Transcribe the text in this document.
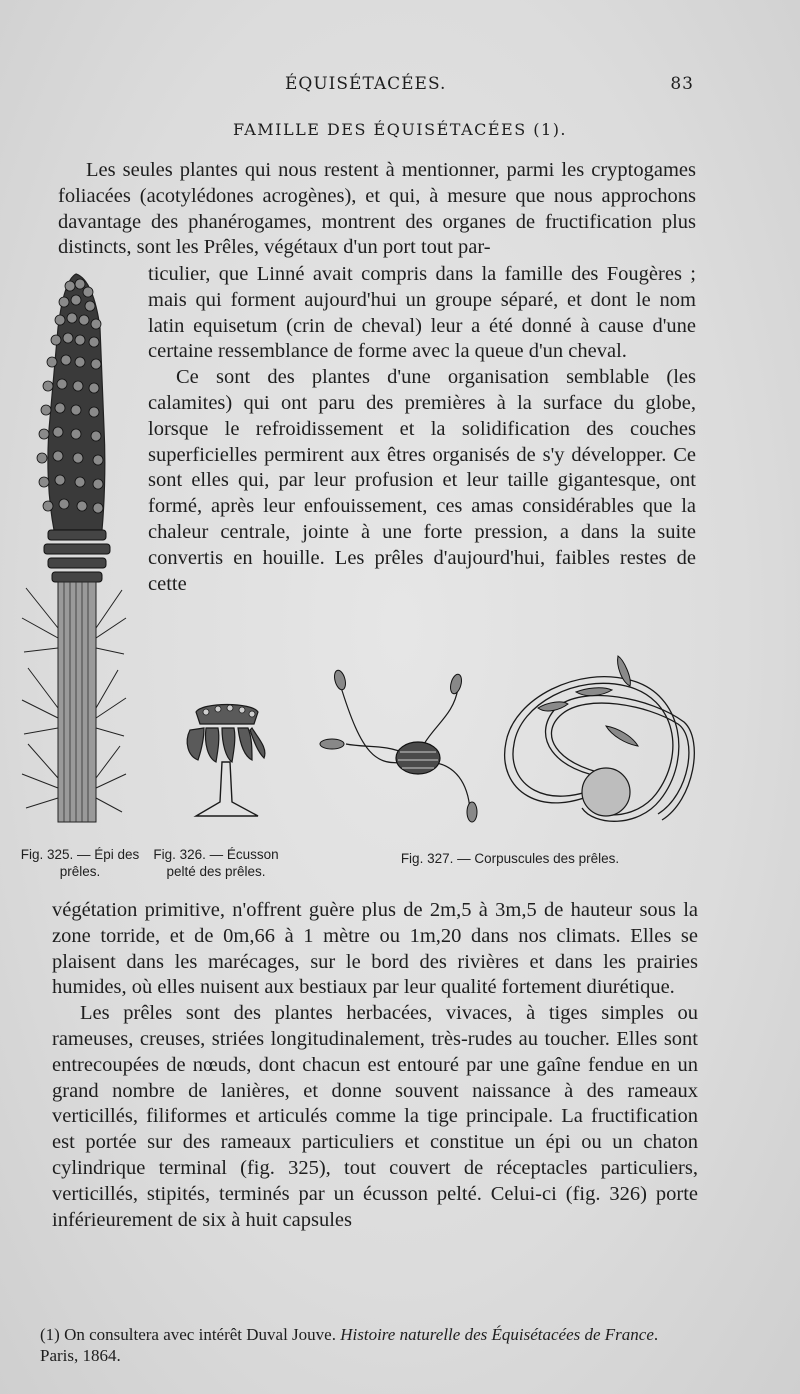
ÉQUISÉTACÉES.	83
FAMILLE DES ÉQUISÉTACÉES (1).

Les seules plantes qui nous restent à mentionner, parmi les cryptogames foliacées (acotylédones acrogènes), et qui, à mesure que nous approchons davantage des phanérogames, montrent des organes de fructification plus distincts, sont les Prêles, végétaux d'un port tout par-

ticulier, que Linné avait compris dans la famille des Fougères ; mais qui forment aujourd'hui un groupe séparé, et dont le nom latin equisetum (crin de cheval) leur a été donné à cause d'une certaine ressemblance de forme avec la queue d'un cheval.

Ce sont des plantes d'une organisation semblable (les calamites) qui ont paru des premières à la surface du globe, lorsque le refroidissement et la solidification des couches superficielles permirent aux êtres organisés de s'y développer. Ce sont elles qui, par leur profusion et leur taille gigantesque, ont formé, après leur enfouissement, ces amas considérables que la chaleur centrale, jointe à une forte pression, a dans la suite convertis en houille. Les prêles d'aujourd'hui, faibles restes de cette

Fig. 325. — Épi des prêles.
Fig. 326. — Écusson pelté des prêles.
Fig. 327. — Corpuscules des prêles.

végétation primitive, n'offrent guère plus de 2m,5 à 3m,5 de hauteur sous la zone torride, et de 0m,66 à 1 mètre ou 1m,20 dans nos climats. Elles se plaisent dans les marécages, sur le bord des rivières et dans les prairies humides, où elles nuisent aux bestiaux par leur qualité fortement diurétique.

Les prêles sont des plantes herbacées, vivaces, à tiges simples ou rameuses, creuses, striées longitudinalement, très-rudes au toucher. Elles sont entrecoupées de nœuds, dont chacun est entouré par une gaîne fendue en un grand nombre de lanières, et donne souvent naissance à des rameaux verticillés, filiformes et articulés comme la tige principale. La fructification est portée sur des rameaux particuliers et constitue un épi ou un chaton cylindrique terminal (fig. 325), tout couvert de réceptacles particuliers, verticillés, stipités, terminés par un écusson pelté. Celui-ci (fig. 326) porte inférieurement de six à huit capsules

(1) On consultera avec intérêt Duval Jouve. Histoire naturelle des Équisétacées de France. Paris, 1864.
